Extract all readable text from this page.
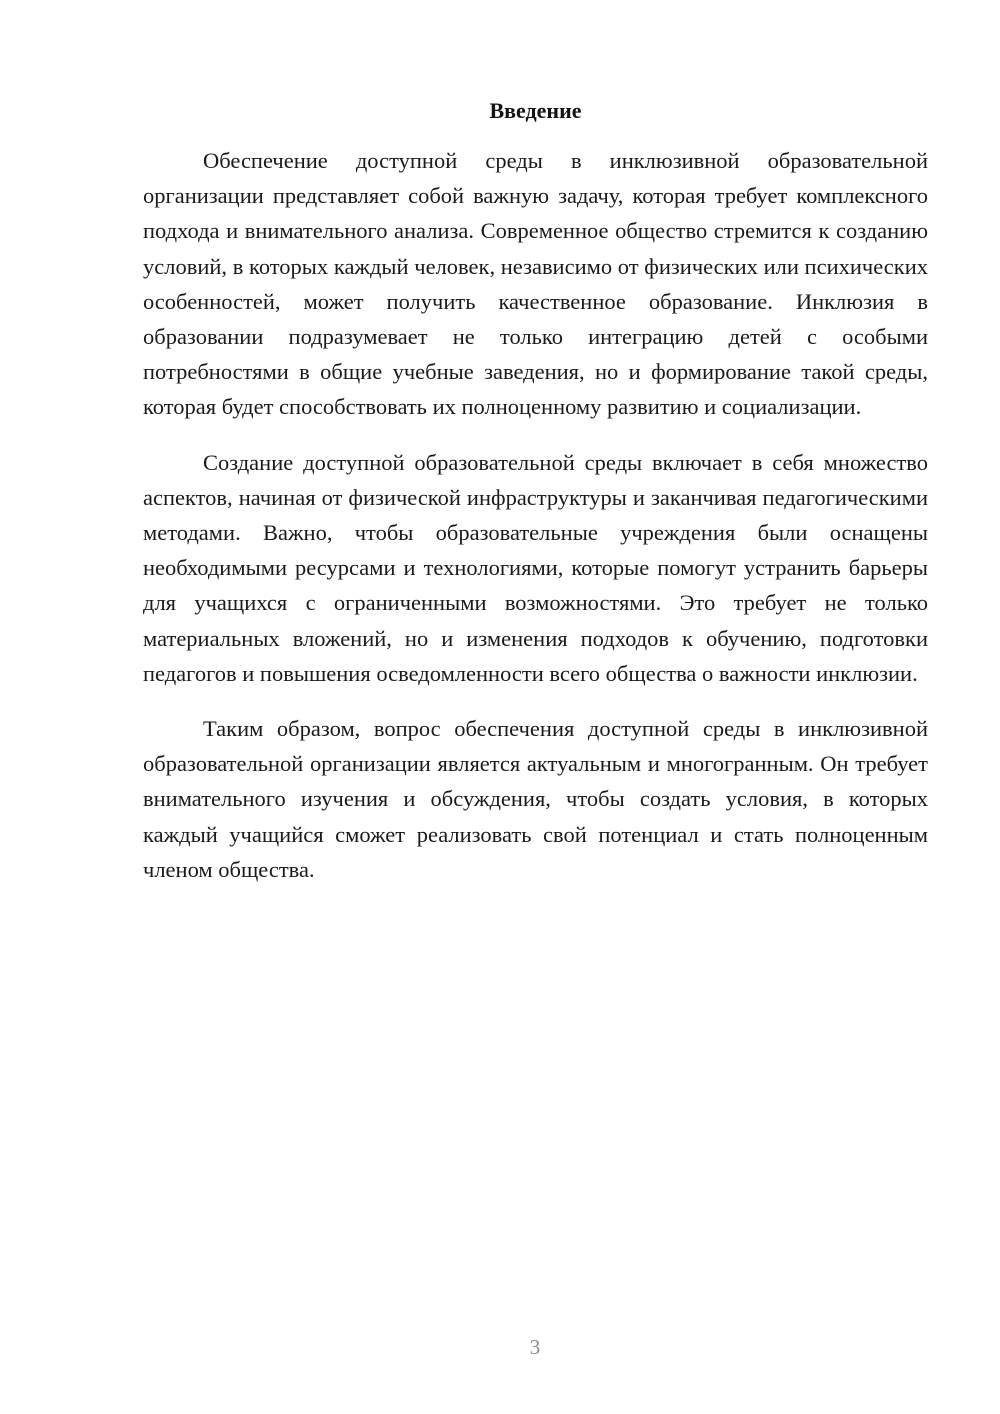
Введение

Обеспечение доступной среды в инклюзивной образовательной организации представляет собой важную задачу, которая требует комплексного подхода и внимательного анализа. Современное общество стремится к созданию условий, в которых каждый человек, независимо от физических или психических особенностей, может получить качественное образование. Инклюзия в образовании подразумевает не только интеграцию детей с особыми потребностями в общие учебные заведения, но и формирование такой среды, которая будет способствовать их полноценному развитию и социализации.

Создание доступной образовательной среды включает в себя множество аспектов, начиная от физической инфраструктуры и заканчивая педагогическими методами. Важно, чтобы образовательные учреждения были оснащены необходимыми ресурсами и технологиями, которые помогут устранить барьеры для учащихся с ограниченными возможностями. Это требует не только материальных вложений, но и изменения подходов к обучению, подготовки педагогов и повышения осведомленности всего общества о важности инклюзии.

Таким образом, вопрос обеспечения доступной среды в инклюзивной образовательной организации является актуальным и многогранным. Он требует внимательного изучения и обсуждения, чтобы создать условия, в которых каждый учащийся сможет реализовать свой потенциал и стать полноценным членом общества.

3
